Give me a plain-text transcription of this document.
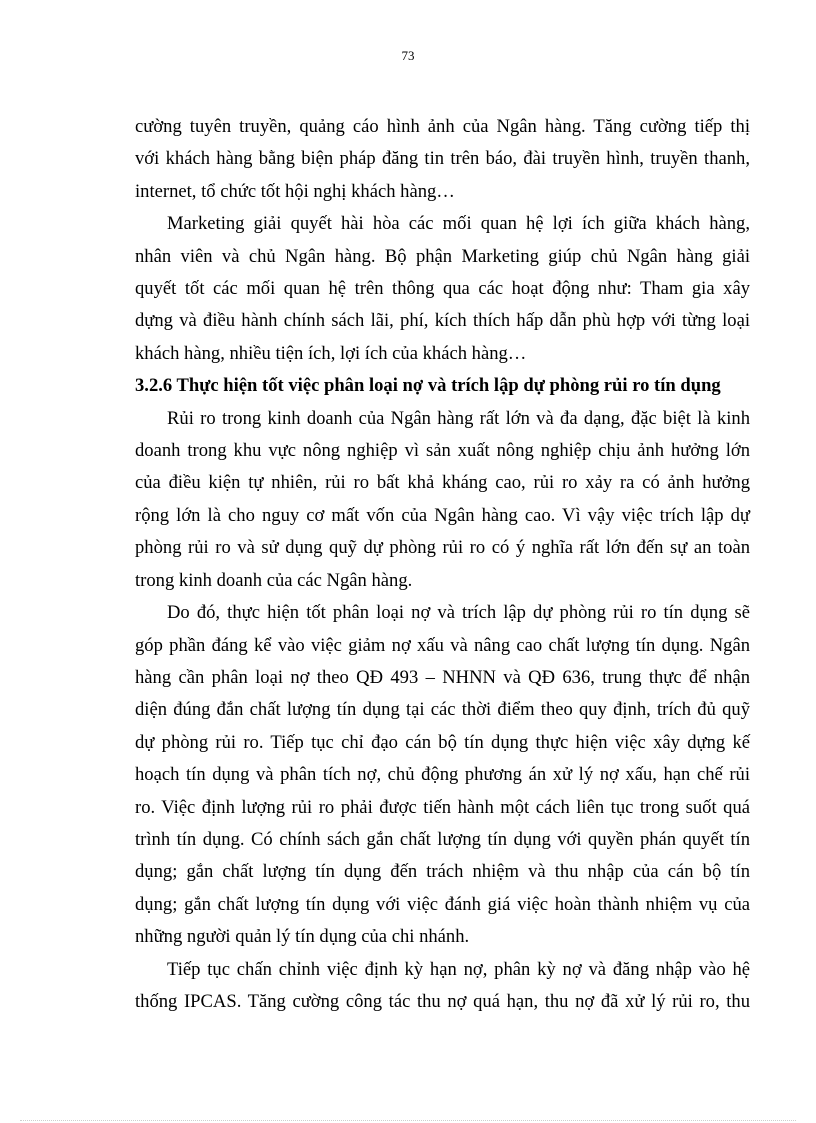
73
cường tuyên truyền, quảng cáo hình ảnh của Ngân hàng. Tăng cường tiếp thị
với khách hàng bằng biện pháp đăng tin trên báo, đài truyền hình, truyền thanh,
internet, tổ chức tốt hội nghị khách hàng…
Marketing giải quyết hài hòa các mối quan hệ lợi ích giữa khách hàng,
nhân viên và chủ Ngân hàng. Bộ phận Marketing giúp chủ Ngân hàng giải
quyết tốt các mối quan hệ trên thông qua các hoạt động như: Tham gia xây
dựng và điều hành chính sách lãi, phí, kích thích hấp dẫn phù hợp với từng loại
khách hàng, nhiều tiện ích, lợi ích của khách hàng…
3.2.6 Thực hiện tốt việc phân loại nợ và trích lập dự phòng rủi ro tín dụng
Rủi ro trong kinh doanh của Ngân hàng rất lớn và đa dạng, đặc biệt là kinh
doanh trong khu vực nông nghiệp vì sản xuất nông nghiệp chịu ảnh hưởng lớn
của điều kiện tự nhiên, rủi ro bất khả kháng cao, rủi ro xảy ra có ảnh hưởng
rộng lớn là cho nguy cơ mất vốn của Ngân hàng cao. Vì vậy việc trích lập dự
phòng rủi ro và sử dụng quỹ dự phòng rủi ro có ý nghĩa rất lớn đến sự an toàn
trong kinh doanh của các Ngân hàng.
Do đó, thực hiện tốt phân loại nợ và trích lập dự phòng rủi ro tín dụng sẽ
góp phần đáng kể vào việc giảm nợ xấu và nâng cao chất lượng tín dụng. Ngân
hàng cần phân loại nợ theo QĐ 493 – NHNN và QĐ 636, trung thực để nhận
diện đúng đắn chất lượng tín dụng tại các thời điểm theo quy định, trích đủ quỹ
dự phòng rủi ro. Tiếp tục chỉ đạo cán bộ tín dụng thực hiện việc xây dựng kế
hoạch tín dụng và phân tích nợ, chủ động phương án xử lý nợ xấu, hạn chế rủi
ro. Việc định lượng rủi ro phải được tiến hành một cách liên tục trong suốt quá
trình tín dụng. Có chính sách gắn chất lượng tín dụng với quyền phán quyết tín
dụng; gắn chất lượng tín dụng đến trách nhiệm và thu nhập của cán bộ tín
dụng; gắn chất lượng tín dụng với việc đánh giá việc hoàn thành nhiệm vụ của
những người quản lý tín dụng của chi nhánh.
Tiếp tục chấn chỉnh việc định kỳ hạn nợ, phân kỳ nợ và đăng nhập vào hệ
thống IPCAS. Tăng cường công tác thu nợ quá hạn, thu nợ đã xử lý rủi ro, thu
